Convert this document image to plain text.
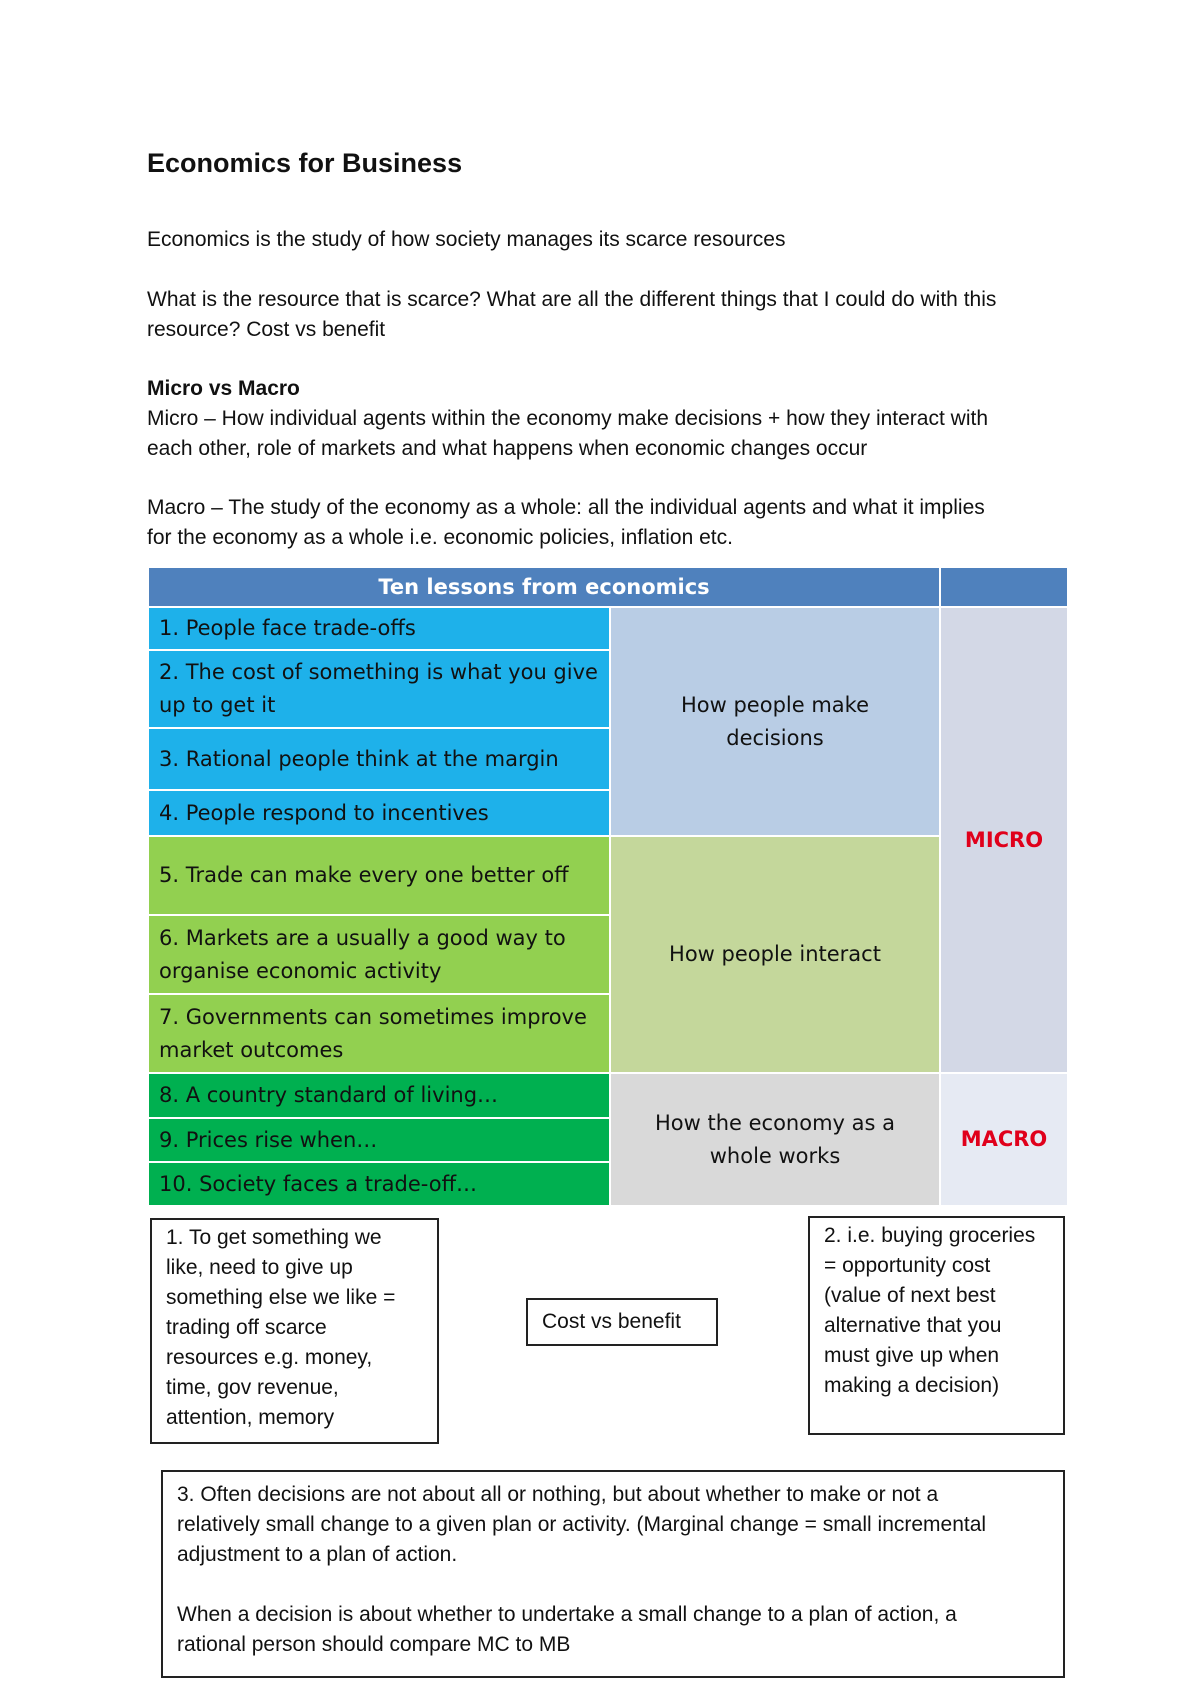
Economics for Business
Economics is the study of how society manages its scarce resources
What is the resource that is scarce? What are all the different things that I could do with this
resource? Cost vs benefit
Micro vs Macro
Micro – How individual agents within the economy make decisions + how they interact with
each other, role of markets and what happens when economic changes occur
Macro – The study of the economy as a whole: all the individual agents and what it implies
for the economy as a whole i.e. economic policies, inflation etc.
Ten lessons from economics		
1. People face trade-offs	How people make decisions	MICRO
2. The cost of something is what you give up to get it		
3. Rational people think at the margin		
4. People respond to incentives		
5. Trade can make every one better off	How people interact	
6. Markets are a usually a good way to organise economic activity		
7. Governments can sometimes improve market outcomes		
8. A country standard of living…	How the economy as a whole works	MACRO
9. Prices rise when…		
10. Society faces a trade-off…		
1. To get something we
like, need to give up
something else we like =
trading off scarce
resources e.g. money,
time, gov revenue,
attention, memory
Cost vs benefit
2. i.e. buying groceries
= opportunity cost
(value of next best
alternative that you
must give up when
making a decision)
3. Often decisions are not about all or nothing, but about whether to make or not a
relatively small change to a given plan or activity. (Marginal change = small incremental
adjustment to a plan of action.
When a decision is about whether to undertake a small change to a plan of action, a
rational person should compare MC to MB
